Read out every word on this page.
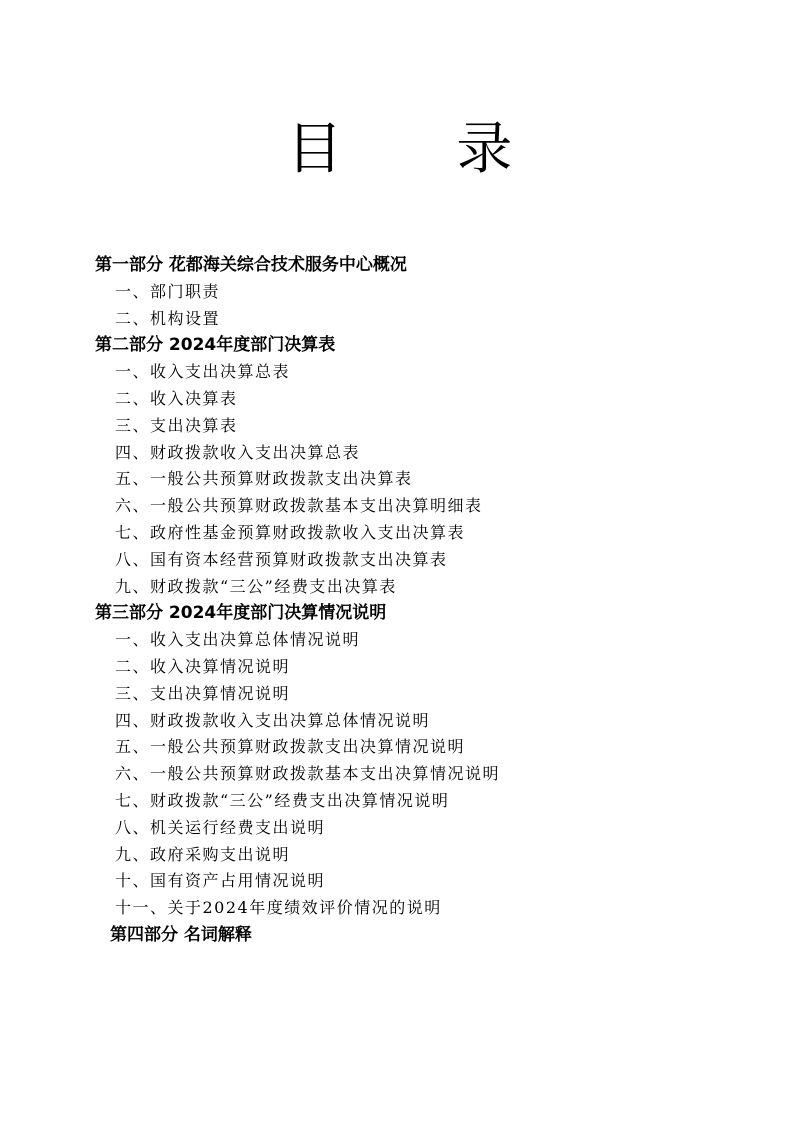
目 录
第一部分 花都海关综合技术服务中心概况
一、部门职责
二、机构设置
第二部分 2024年度部门决算表
一、收入支出决算总表
二、收入决算表
三、支出决算表
四、财政拨款收入支出决算总表
五、一般公共预算财政拨款支出决算表
六、一般公共预算财政拨款基本支出决算明细表
七、政府性基金预算财政拨款收入支出决算表
八、国有资本经营预算财政拨款支出决算表
九、财政拨款“三公”经费支出决算表
第三部分 2024年度部门决算情况说明
一、收入支出决算总体情况说明
二、收入决算情况说明
三、支出决算情况说明
四、财政拨款收入支出决算总体情况说明
五、一般公共预算财政拨款支出决算情况说明
六、一般公共预算财政拨款基本支出决算情况说明
七、财政拨款“三公”经费支出决算情况说明
八、机关运行经费支出说明
九、政府采购支出说明
十、国有资产占用情况说明
十一、关于2024年度绩效评价情况的说明
第四部分 名词解释
